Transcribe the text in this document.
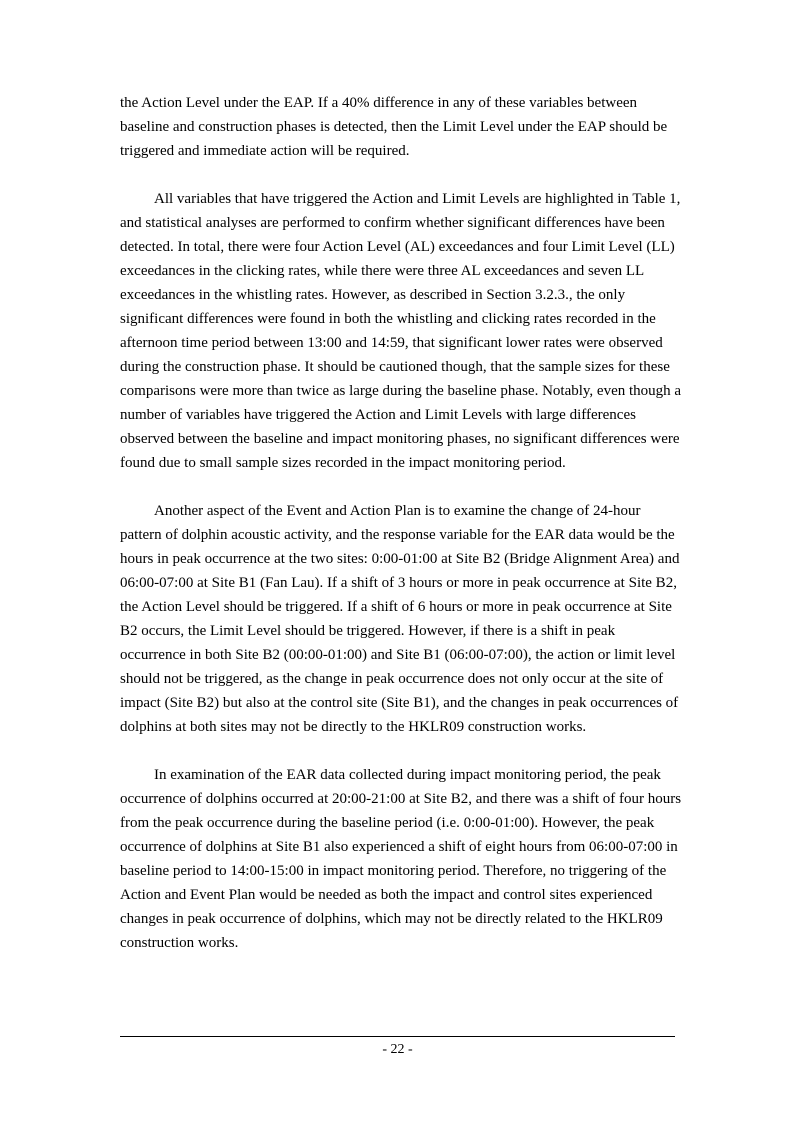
the Action Level under the EAP. If a 40% difference in any of these variables between baseline and construction phases is detected, then the Limit Level under the EAP should be triggered and immediate action will be required.

All variables that have triggered the Action and Limit Levels are highlighted in Table 1, and statistical analyses are performed to confirm whether significant differences have been detected. In total, there were four Action Level (AL) exceedances and four Limit Level (LL) exceedances in the clicking rates, while there were three AL exceedances and seven LL exceedances in the whistling rates. However, as described in Section 3.2.3., the only significant differences were found in both the whistling and clicking rates recorded in the afternoon time period between 13:00 and 14:59, that significant lower rates were observed during the construction phase. It should be cautioned though, that the sample sizes for these comparisons were more than twice as large during the baseline phase. Notably, even though a number of variables have triggered the Action and Limit Levels with large differences observed between the baseline and impact monitoring phases, no significant differences were found due to small sample sizes recorded in the impact monitoring period.

Another aspect of the Event and Action Plan is to examine the change of 24-hour pattern of dolphin acoustic activity, and the response variable for the EAR data would be the hours in peak occurrence at the two sites: 0:00-01:00 at Site B2 (Bridge Alignment Area) and 06:00-07:00 at Site B1 (Fan Lau). If a shift of 3 hours or more in peak occurrence at Site B2, the Action Level should be triggered. If a shift of 6 hours or more in peak occurrence at Site B2 occurs, the Limit Level should be triggered. However, if there is a shift in peak occurrence in both Site B2 (00:00-01:00) and Site B1 (06:00-07:00), the action or limit level should not be triggered, as the change in peak occurrence does not only occur at the site of impact (Site B2) but also at the control site (Site B1), and the changes in peak occurrences of dolphins at both sites may not be directly to the HKLR09 construction works.

In examination of the EAR data collected during impact monitoring period, the peak occurrence of dolphins occurred at 20:00-21:00 at Site B2, and there was a shift of four hours from the peak occurrence during the baseline period (i.e. 0:00-01:00). However, the peak occurrence of dolphins at Site B1 also experienced a shift of eight hours from 06:00-07:00 in baseline period to 14:00-15:00 in impact monitoring period. Therefore, no triggering of the Action and Event Plan would be needed as both the impact and control sites experienced changes in peak occurrence of dolphins, which may not be directly related to the HKLR09 construction works.

- 22 -
